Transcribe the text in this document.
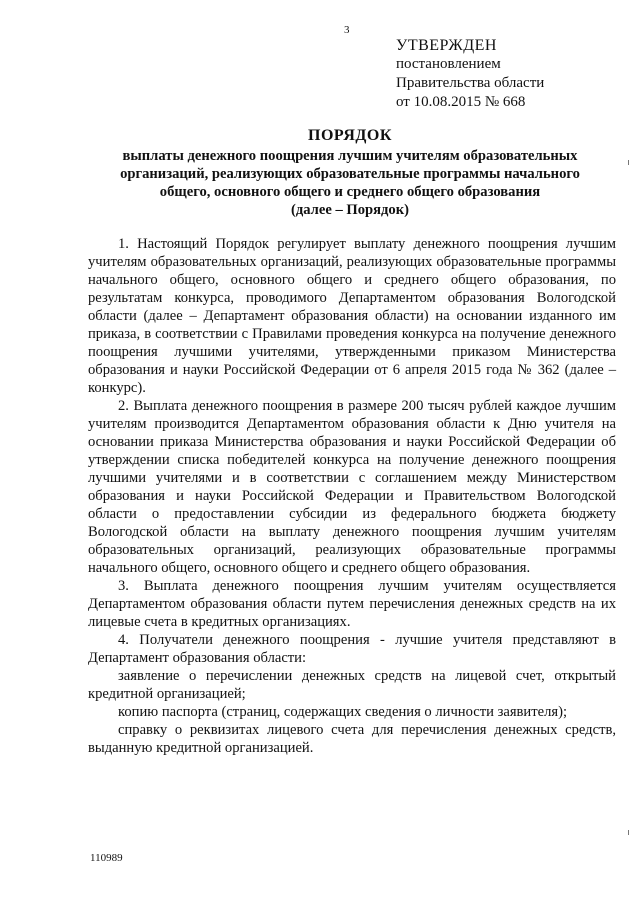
3
УТВЕРЖДЕН
постановлением
Правительства области
от 10.08.2015 № 668
ПОРЯДОК
выплаты денежного поощрения лучшим учителям образовательных
организаций, реализующих образовательные программы начального
общего, основного общего и среднего общего образования
(далее – Порядок)

1. Настоящий Порядок регулирует выплату денежного поощрения лучшим учителям образовательных организаций, реализующих образовательные программы начального общего, основного общего и среднего общего образования, по результатам конкурса, проводимого Департаментом образования Вологодской области (далее – Департамент образования области) на основании изданного им приказа, в соответствии с Правилами проведения конкурса на получение денежного поощрения лучшими учителями, утвержденными приказом Министерства образования и науки Российской Федерации от 6 апреля 2015 года № 362 (далее – конкурс).

2. Выплата денежного поощрения в размере 200 тысяч рублей каждое лучшим учителям производится Департаментом образования области к Дню учителя на основании приказа Министерства образования и науки Российской Федерации об утверждении списка победителей конкурса на получение денежного поощрения лучшими учителями и в соответствии с соглашением между Министерством образования и науки Российской Федерации и Правительством Вологодской области о предоставлении субсидии из федерального бюджета бюджету Вологодской области на выплату денежного поощрения лучшим учителям образовательных организаций, реализующих образовательные программы начального общего, основного общего и среднего общего образования.

3. Выплата денежного поощрения лучшим учителям осуществляется Департаментом образования области путем перечисления денежных средств на их лицевые счета в кредитных организациях.

4. Получатели денежного поощрения - лучшие учителя представляют в Департамент образования области:

заявление о перечислении денежных средств на лицевой счет, открытый кредитной организацией;

копию паспорта (страниц, содержащих сведения о личности заявителя);

справку о реквизитах лицевого счета для перечисления денежных средств, выданную кредитной организацией.

110989
